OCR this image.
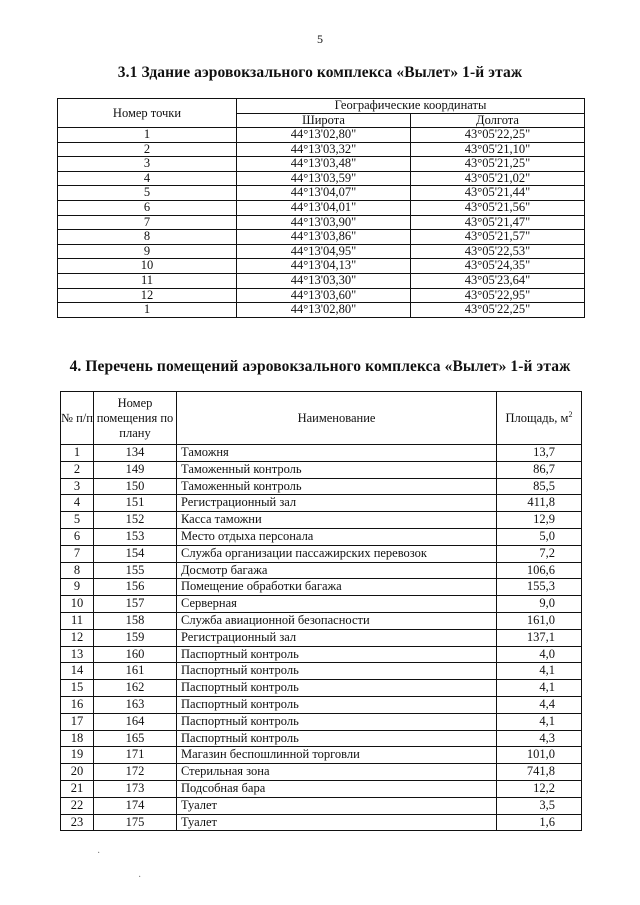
5
3.1 Здание аэровокзального комплекса «Вылет» 1-й этаж
Номер точки	Географические координаты	
	Широта	Долгота
1	44°13'02,80"	43°05'22,25"
2	44°13'03,32"	43°05'21,10"
3	44°13'03,48"	43°05'21,25"
4	44°13'03,59"	43°05'21,02"
5	44°13'04,07"	43°05'21,44"
6	44°13'04,01"	43°05'21,56"
7	44°13'03,90"	43°05'21,47"
8	44°13'03,86"	43°05'21,57"
9	44°13'04,95"	43°05'22,53"
10	44°13'04,13"	43°05'24,35"
11	44°13'03,30"	43°05'23,64"
12	44°13'03,60"	43°05'22,95"
1	44°13'02,80"	43°05'22,25"
4. Перечень помещений аэровокзального комплекса «Вылет» 1-й этаж
№ п/п	Номер помещения по плану	Наименование	Площадь, $м^2$
1	134	Таможня	13,7
2	149	Таможенный контроль	86,7
3	150	Таможенный контроль	85,5
4	151	Регистрационный зал	411,8
5	152	Касса таможни	12,9
6	153	Место отдыха персонала	5,0
7	154	Служба организации пассажирских перевозок	7,2
8	155	Досмотр багажа	106,6
9	156	Помещение обработки багажа	155,3
10	157	Серверная	9,0
11	158	Служба авиационной безопасности	161,0
12	159	Регистрационный зал	137,1
13	160	Паспортный контроль	4,0
14	161	Паспортный контроль	4,1
15	162	Паспортный контроль	4,1
16	163	Паспортный контроль	4,4
17	164	Паспортный контроль	4,1
18	165	Паспортный контроль	4,3
19	171	Магазин беспошлинной торговли	101,0
20	172	Стерильная зона	741,8
21	173	Подсобная бара	12,2
22	174	Туалет	3,5
23	175	Туалет	1,6
·
·
